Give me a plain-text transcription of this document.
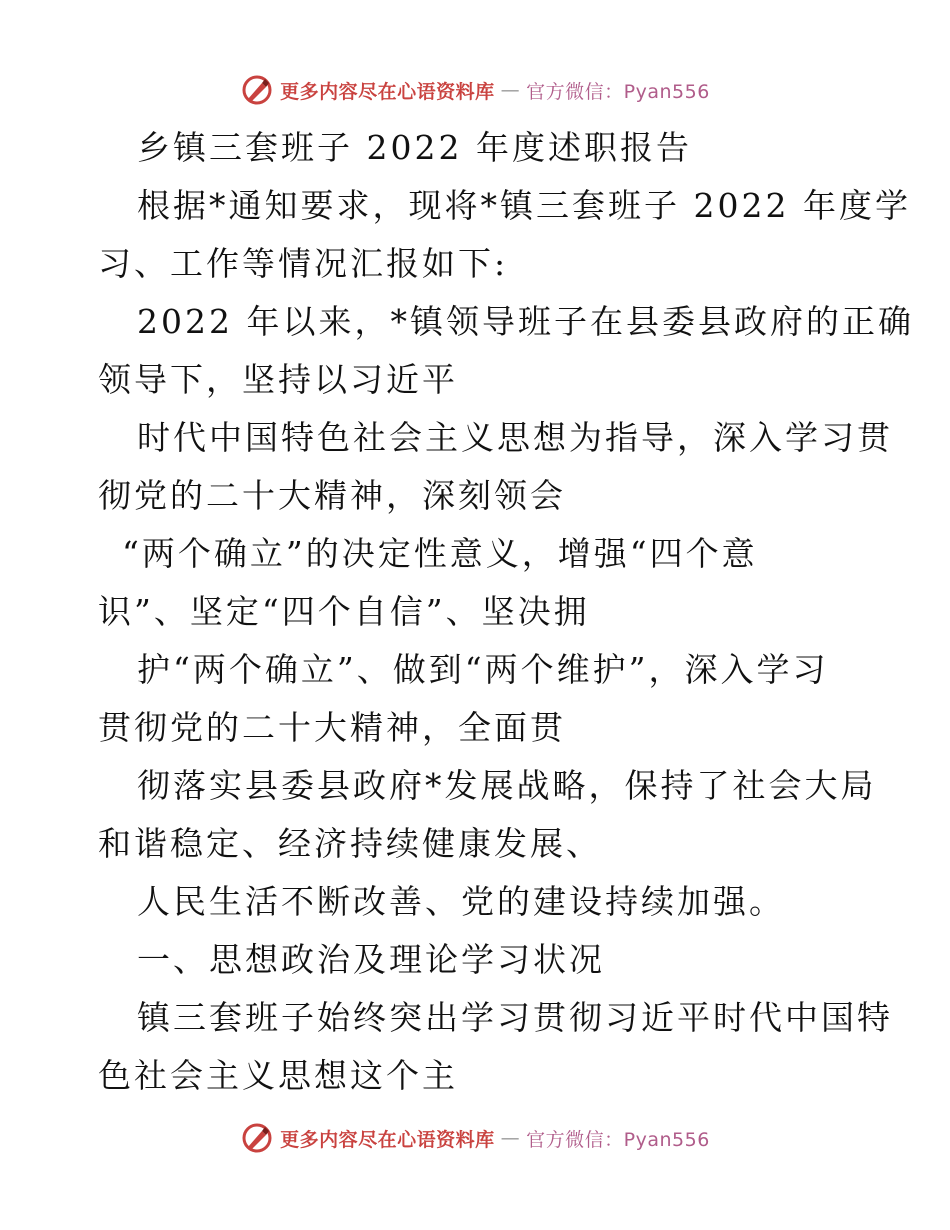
更多内容尽在心语资料库 — 官方微信：Pyan556
乡镇三套班子 2022 年度述职报告
根据*通知要求，现将*镇三套班子 2022 年度学
习、工作等情况汇报如下:
2022 年以来，*镇领导班子在县委县政府的正确
领导下，坚持以习近平
时代中国特色社会主义思想为指导，深入学习贯
彻党的二十大精神，深刻领会
“两个确立”的决定性意义，增强“四个意
识”、坚定“四个自信”、坚决拥
护“两个确立”、做到“两个维护”，深入学习
贯彻党的二十大精神，全面贯
彻落实县委县政府*发展战略，保持了社会大局
和谐稳定、经济持续健康发展、
人民生活不断改善、党的建设持续加强。
一、思想政治及理论学习状况
镇三套班子始终突出学习贯彻习近平时代中国特
色社会主义思想这个主
更多内容尽在心语资料库 — 官方微信：Pyan556
